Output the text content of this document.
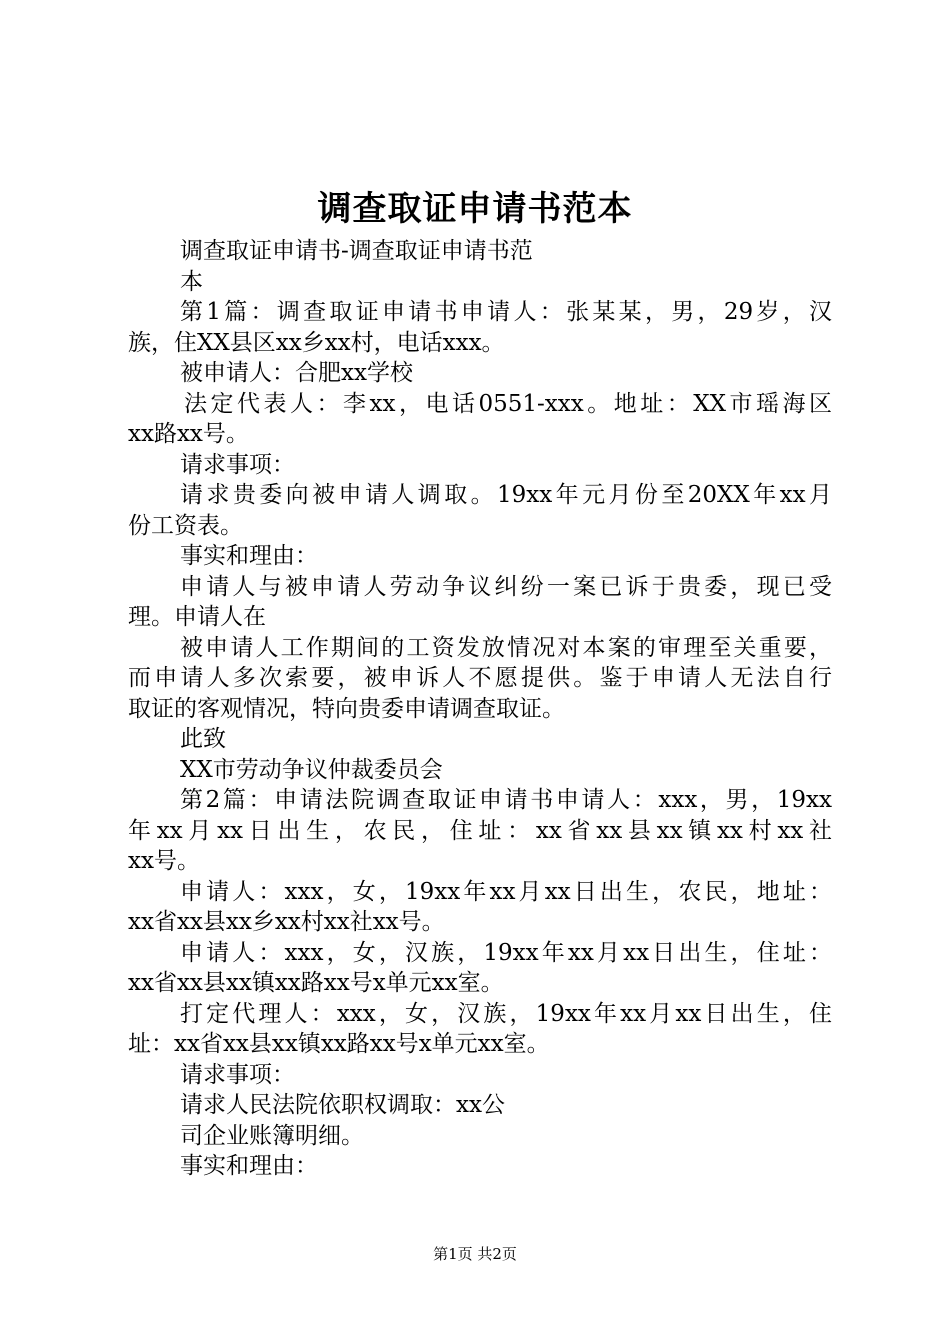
调查取证申请书范本
调查取证申请书-调查取证申请书范
本
第1篇：调查取证申请书申请人：张某某，男，29岁，汉
族，住XX县区xx乡xx村，电话xxx。
被申请人：合肥xx学校
法定代表人：李xx，电话0551-xxx。地址：XX市瑶海区
xx路xx号。
请求事项：
请求贵委向被申请人调取。19xx年元月份至20XX年xx月
份工资表。
事实和理由：
申请人与被申请人劳动争议纠纷一案已诉于贵委，现已受
理。申请人在
被申请人工作期间的工资发放情况对本案的审理至关重要，
而申请人多次索要，被申诉人不愿提供。鉴于申请人无法自行
取证的客观情况，特向贵委申请调查取证。
此致
XX市劳动争议仲裁委员会
第2篇：申请法院调查取证申请书申请人：xxx，男，19xx
年xx月xx日出生，农民，住址：xx省xx县xx镇xx村xx社
xx号。
申请人：xxx，女，19xx年xx月xx日出生，农民，地址：
xx省xx县xx乡xx村xx社xx号。
申请人：xxx，女，汉族，19xx年xx月xx日出生，住址：
xx省xx县xx镇xx路xx号x单元xx室。
打定代理人：xxx，女，汉族，19xx年xx月xx日出生，住
址：xx省xx县xx镇xx路xx号x单元xx室。
请求事项：
请求人民法院依职权调取：xx公
司企业账簿明细。
事实和理由：
第1页 共2页
